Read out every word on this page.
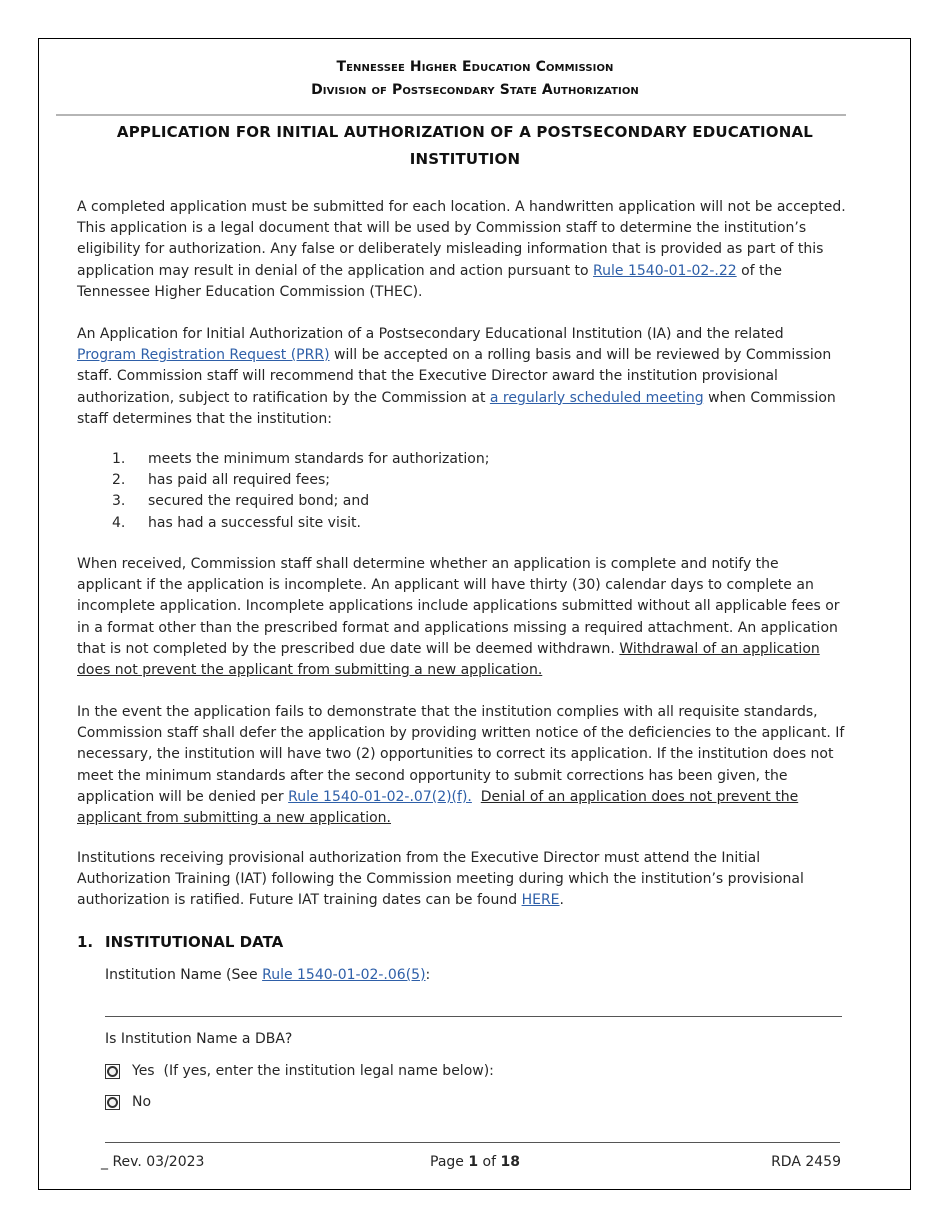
Tennessee Higher Education Commission
Division of Postsecondary State Authorization
APPLICATION FOR INITIAL AUTHORIZATION OF A POSTSECONDARY EDUCATIONAL
INSTITUTION
A completed application must be submitted for each location. A handwritten application will not be accepted. This application is a legal document that will be used by Commission staff to determine the institution’s eligibility for authorization. Any false or deliberately misleading information that is provided as part of this application may result in denial of the application and action pursuant to Rule 1540-01-02-.22 of the Tennessee Higher Education Commission (THEC).
An Application for Initial Authorization of a Postsecondary Educational Institution (IA) and the related Program Registration Request (PRR) will be accepted on a rolling basis and will be reviewed by Commission staff. Commission staff will recommend that the Executive Director award the institution provisional authorization, subject to ratification by the Commission at a regularly scheduled meeting when Commission staff determines that the institution:
1.	meets the minimum standards for authorization;
2.	has paid all required fees;
3.	secured the required bond; and
4.	has had a successful site visit.
When received, Commission staff shall determine whether an application is complete and notify the applicant if the application is incomplete. An applicant will have thirty (30) calendar days to complete an incomplete application. Incomplete applications include applications submitted without all applicable fees or in a format other than the prescribed format and applications missing a required attachment. An application that is not completed by the prescribed due date will be deemed withdrawn. Withdrawal of an application does not prevent the applicant from submitting a new application.
In the event the application fails to demonstrate that the institution complies with all requisite standards, Commission staff shall defer the application by providing written notice of the deficiencies to the applicant. If necessary, the institution will have two (2) opportunities to correct its application. If the institution does not meet the minimum standards after the second opportunity to submit corrections has been given, the application will be denied per Rule 1540-01-02-.07(2)(f). Denial of an application does not prevent the applicant from submitting a new application.
Institutions receiving provisional authorization from the Executive Director must attend the Initial Authorization Training (IAT) following the Commission meeting during which the institution’s provisional authorization is ratified. Future IAT training dates can be found HERE.
1. INSTITUTIONAL DATA
Institution Name (See Rule 1540-01-02-.06(5):
Is Institution Name a DBA?
Yes  (If yes, enter the institution legal name below):
No
_ Rev. 03/2023	Page 1 of 18	RDA 2459
